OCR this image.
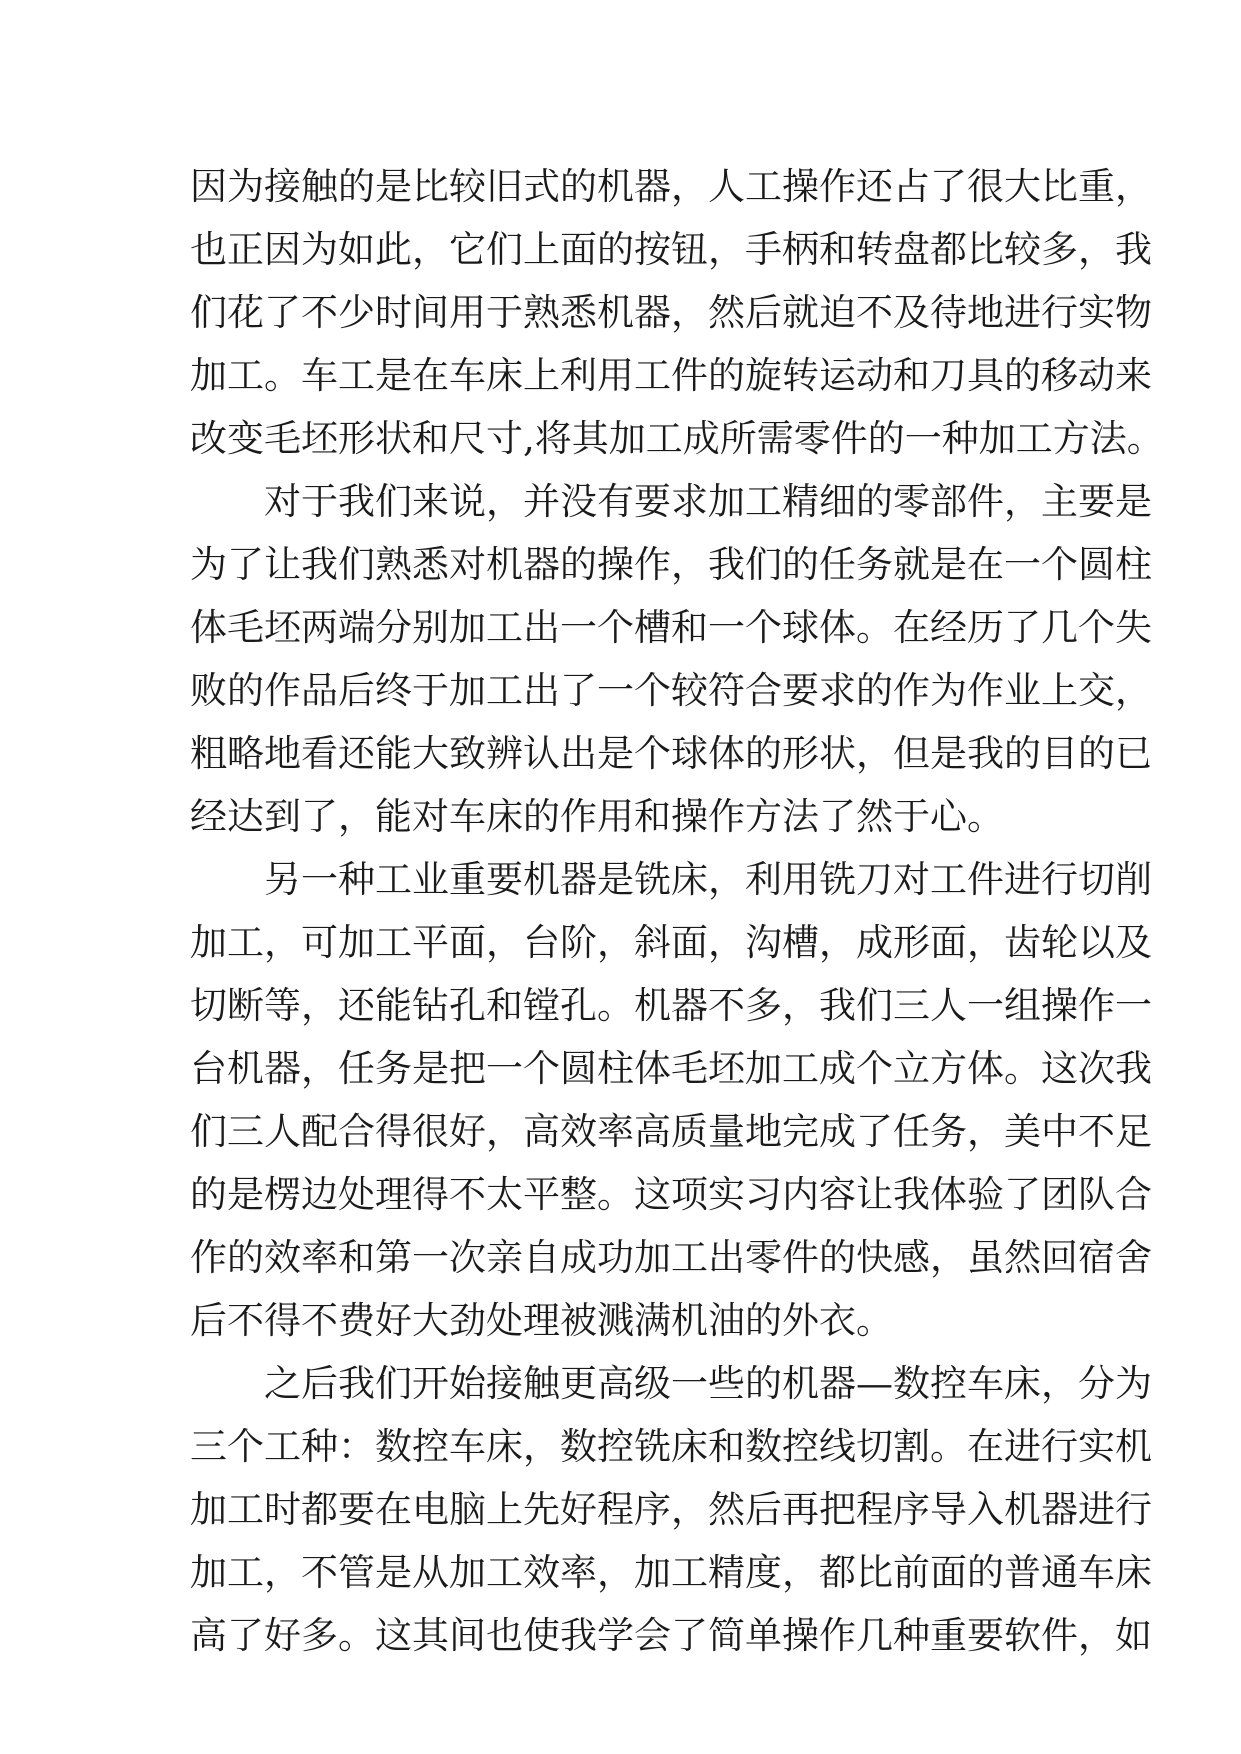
因为接触的是比较旧式的机器，人工操作还占了很大比重，
也正因为如此，它们上面的按钮，手柄和转盘都比较多，我
们花了不少时间用于熟悉机器，然后就迫不及待地进行实物
加工。车工是在车床上利用工件的旋转运动和刀具的移动来
改变毛坯形状和尺寸,将其加工成所需零件的一种加工方法。
对于我们来说，并没有要求加工精细的零部件，主要是
为了让我们熟悉对机器的操作，我们的任务就是在一个圆柱
体毛坯两端分别加工出一个槽和一个球体。在经历了几个失
败的作品后终于加工出了一个较符合要求的作为作业上交，
粗略地看还能大致辨认出是个球体的形状，但是我的目的已
经达到了，能对车床的作用和操作方法了然于心。
另一种工业重要机器是铣床，利用铣刀对工件进行切削
加工，可加工平面，台阶，斜面，沟槽，成形面，齿轮以及
切断等，还能钻孔和镗孔。机器不多，我们三人一组操作一
台机器，任务是把一个圆柱体毛坯加工成个立方体。这次我
们三人配合得很好，高效率高质量地完成了任务，美中不足
的是楞边处理得不太平整。这项实习内容让我体验了团队合
作的效率和第一次亲自成功加工出零件的快感，虽然回宿舍
后不得不费好大劲处理被溅满机油的外衣。
之后我们开始接触更高级一些的机器—数控车床，分为
三个工种：数控车床，数控铣床和数控线切割。在进行实机
加工时都要在电脑上先好程序，然后再把程序导入机器进行
加工，不管是从加工效率，加工精度，都比前面的普通车床
高了好多。这其间也使我学会了简单操作几种重要软件，如
